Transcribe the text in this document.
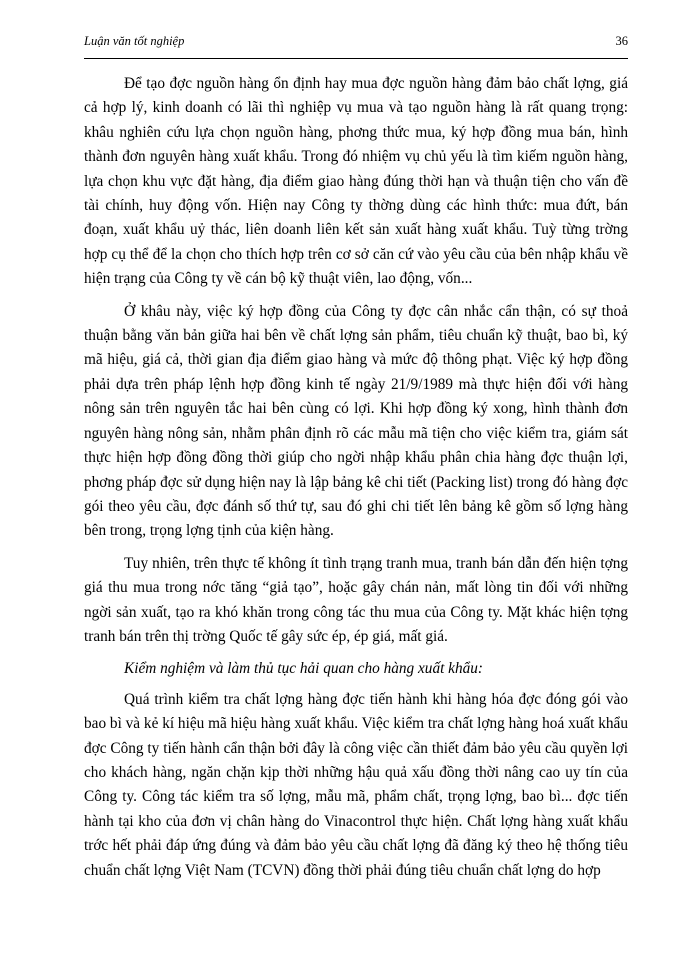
Luận văn tốt nghiệp	36

Để tạo đợc nguồn hàng ổn định hay mua đợc nguồn hàng đảm bảo chất lợng, giá cả hợp lý, kinh doanh có lãi thì nghiệp vụ mua và tạo nguồn hàng là rất quang trọng: khâu nghiên cứu lựa chọn nguồn hàng, phơng thức mua, ký hợp đồng mua bán, hình thành đơn nguyên hàng xuất khẩu. Trong đó nhiệm vụ chủ yếu là tìm kiếm nguồn hàng, lựa chọn khu vực đặt hàng, địa điểm giao hàng đúng thời hạn và thuận tiện cho vấn đề tài chính, huy động vốn. Hiện nay Công ty thờng dùng các hình thức: mua đứt, bán đoạn, xuất khẩu uỷ thác, liên doanh liên kết sản xuất hàng xuất khẩu. Tuỳ từng trờng hợp cụ thể để la chọn cho thích hợp trên cơ sở căn cứ vào yêu cầu của bên nhập khẩu về hiện trạng của Công ty về cán bộ kỹ thuật viên, lao động, vốn...

Ở khâu này, việc ký hợp đồng của Công ty đợc cân nhắc cẩn thận, có sự thoả thuận bằng văn bản giữa hai bên về chất lợng sản phẩm, tiêu chuẩn kỹ thuật, bao bì, ký mã hiệu, giá cả, thời gian địa điểm giao hàng và mức độ thông phạt. Việc ký hợp đồng phải dựa trên pháp lệnh hợp đồng kinh tế ngày 21/9/1989 mà thực hiện đối với hàng nông sản trên nguyên tắc hai bên cùng có lợi. Khi hợp đồng ký xong, hình thành đơn nguyên hàng nông sản, nhằm phân định rõ các mẫu mã tiện cho việc kiểm tra, giám sát thực hiện hợp đồng đồng thời giúp cho ngời nhập khẩu phân chia hàng đợc thuận lợi, phơng pháp đợc sử dụng hiện nay là lập bảng kê chi tiết (Packing list) trong đó hàng đợc gói theo yêu cầu, đợc đánh số thứ tự, sau đó ghi chi tiết lên bảng kê gồm số lợng hàng bên trong, trọng lợng tịnh của kiện hàng.

Tuy nhiên, trên thực tế không ít tình trạng tranh mua, tranh bán dẫn đến hiện tợng giá thu mua trong nớc tăng “giả tạo”, hoặc gây chán nản, mất lòng tin đối với những ngời sản xuất, tạo ra khó khăn trong công tác thu mua của Công ty. Mặt khác hiện tợng tranh bán trên thị trờng Quốc tế gây sức ép, ép giá, mất giá.

Kiểm nghiệm và làm thủ tục hải quan cho hàng xuất khẩu:

Quá trình kiểm tra chất lợng hàng đợc tiến hành khi hàng hóa đợc đóng gói vào bao bì và kẻ kí hiệu mã hiệu hàng xuất khẩu. Việc kiểm tra chất lợng hàng hoá xuất khẩu đợc Công ty tiến hành cẩn thận bởi đây là công việc cần thiết đảm bảo yêu cầu quyền lợi cho khách hàng, ngăn chặn kịp thời những hậu quả xấu đồng thời nâng cao uy tín của Công ty. Công tác kiểm tra số lợng, mẫu mã, phẩm chất, trọng lợng, bao bì... đợc tiến hành tại kho của đơn vị chân hàng do Vinacontrol thực hiện. Chất lợng hàng xuất khẩu trớc hết phải đáp ứng đúng và đảm bảo yêu cầu chất lợng đã đăng ký theo hệ thống tiêu chuẩn chất lợng Việt Nam (TCVN) đồng thời phải đúng tiêu chuẩn chất lợng do hợp
